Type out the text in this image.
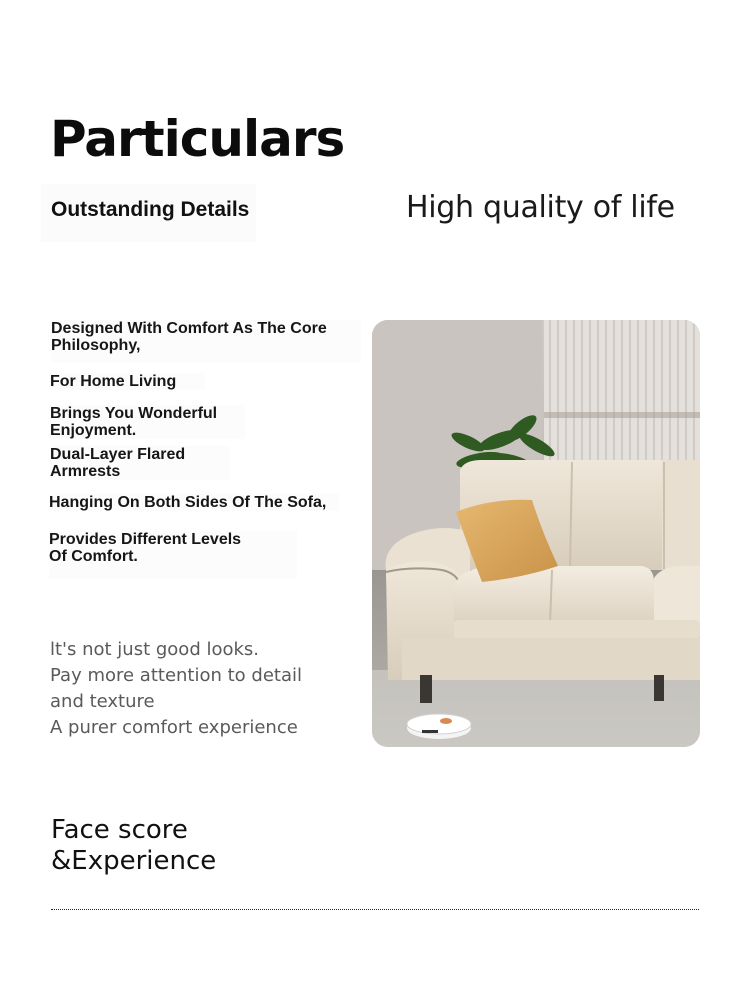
Particulars
Outstanding Details	High quality of life
Designed With Comfort As The Core
Philosophy,
For Home Living
Brings You Wonderful
Enjoyment.
Dual-Layer Flared
Armrests
Hanging On Both Sides Of The Sofa,
Provides Different Levels
Of Comfort.
lt's not just good looks.
Pay more attention to detail
and texture
A purer comfort experience
Face score
&Experience
